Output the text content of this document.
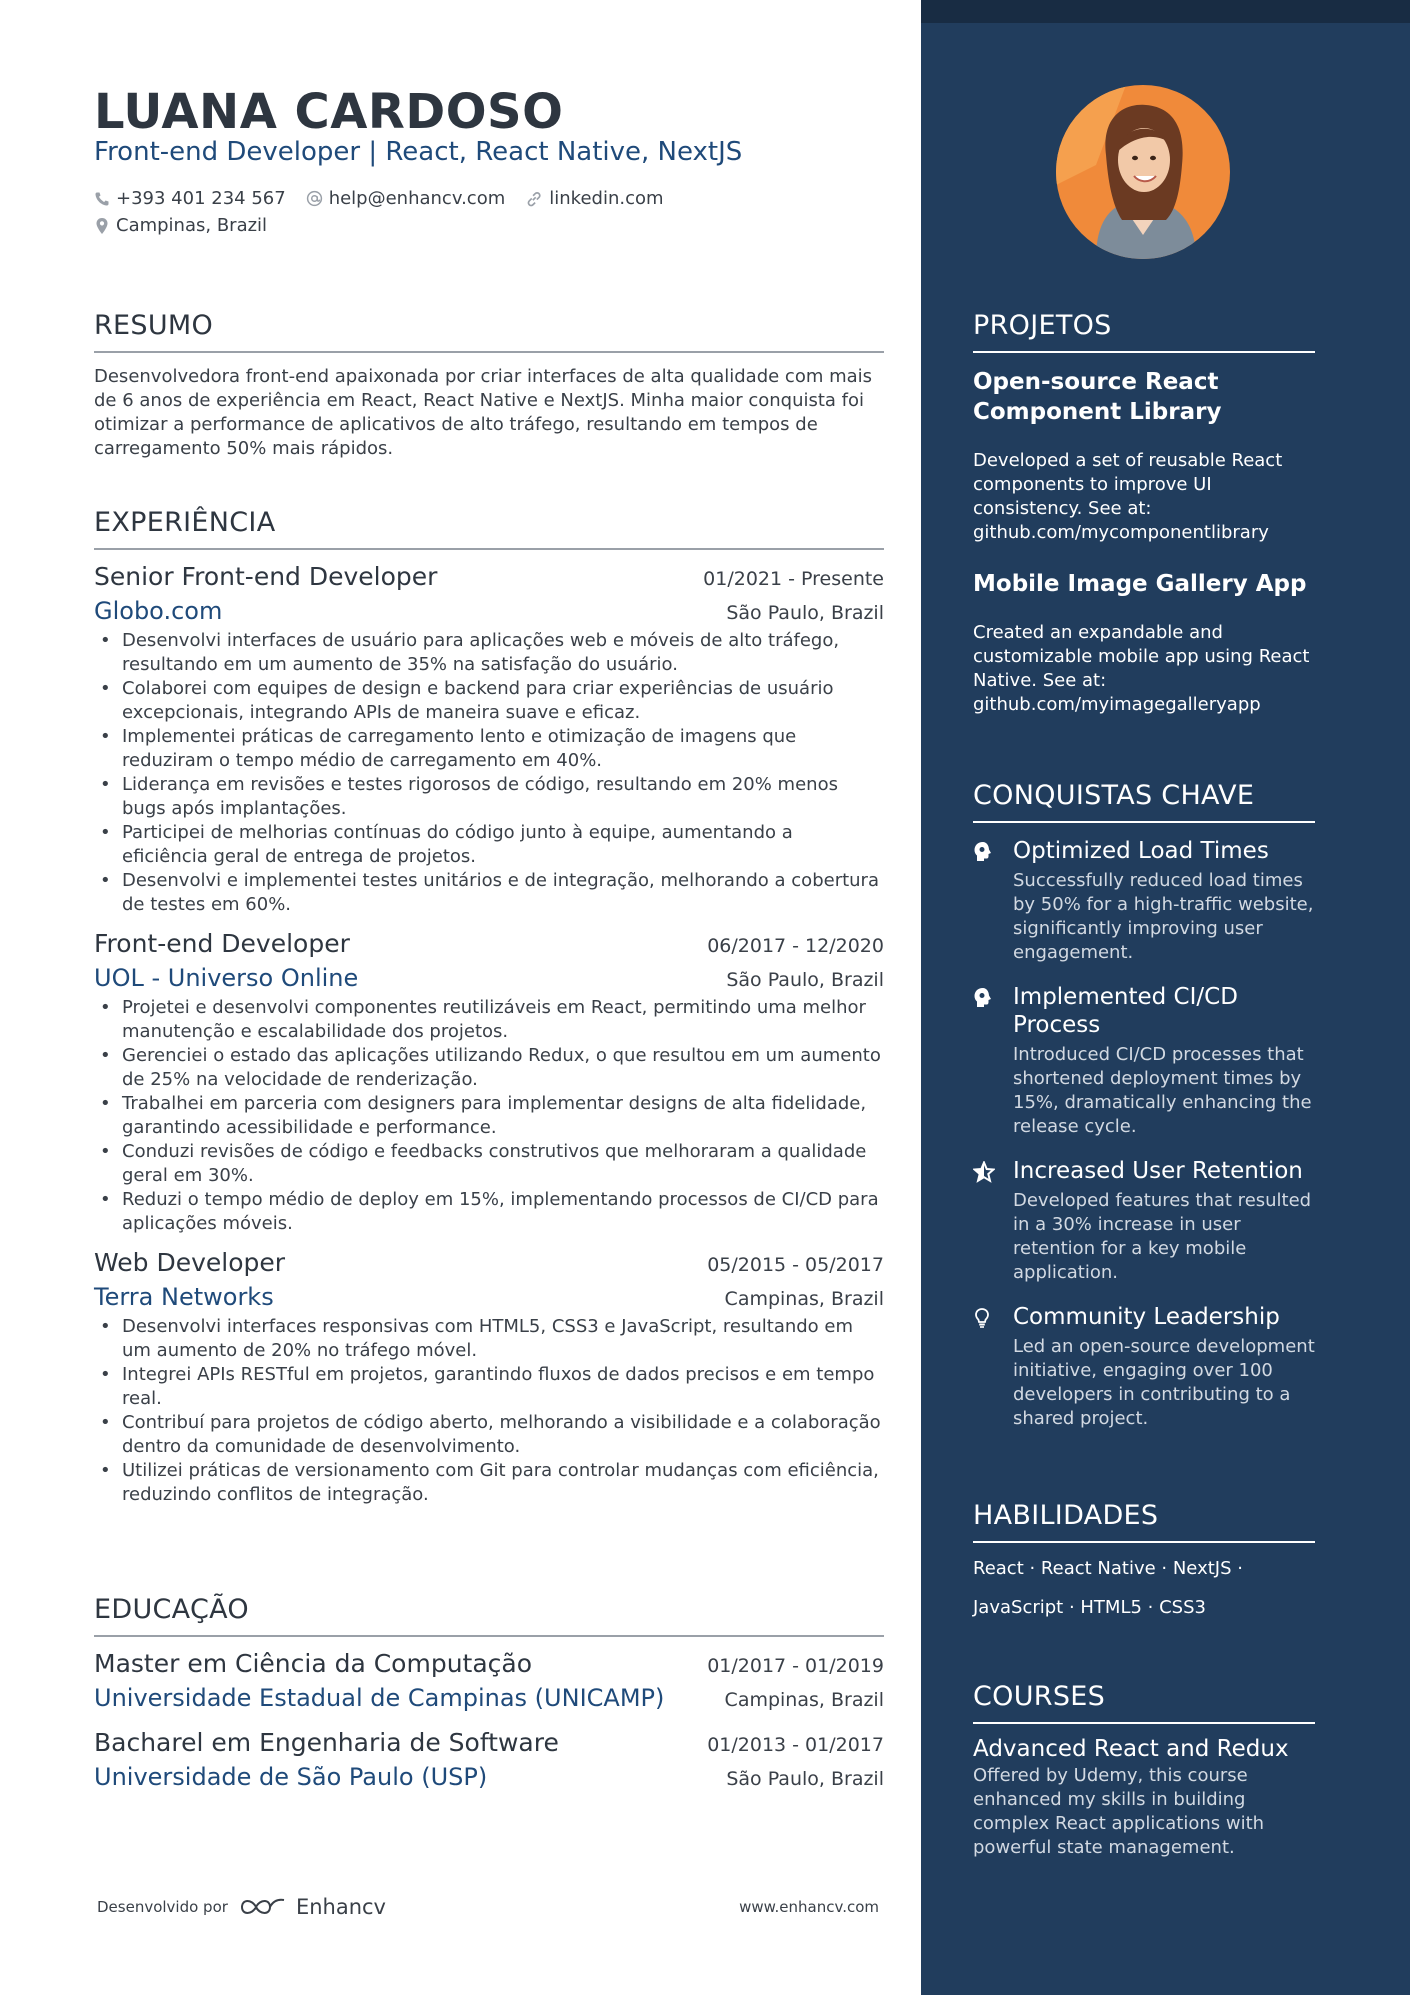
LUANA CARDOSO
Front-end Developer | React, React Native, NextJS
+393 401 234 567 help@enhancv.com linkedin.com
Campinas, Brazil
RESUMO
Desenvolvedora front-end apaixonada por criar interfaces de alta qualidade com mais de 6 anos de experiência em React, React Native e NextJS. Minha maior conquista foi otimizar a performance de aplicativos de alto tráfego, resultando em tempos de carregamento 50% mais rápidos.
EXPERIÊNCIA
Senior Front-end Developer	01/2021 - Presente
Globo.com	São Paulo, Brazil
• Desenvolvi interfaces de usuário para aplicações web e móveis de alto tráfego, resultando em um aumento de 35% na satisfação do usuário.
• Colaborei com equipes de design e backend para criar experiências de usuário excepcionais, integrando APIs de maneira suave e eficaz.
• Implementei práticas de carregamento lento e otimização de imagens que reduziram o tempo médio de carregamento em 40%.
• Liderança em revisões e testes rigorosos de código, resultando em 20% menos bugs após implantações.
• Participei de melhorias contínuas do código junto à equipe, aumentando a eficiência geral de entrega de projetos.
• Desenvolvi e implementei testes unitários e de integração, melhorando a cobertura de testes em 60%.
Front-end Developer	06/2017 - 12/2020
UOL - Universo Online	São Paulo, Brazil
• Projetei e desenvolvi componentes reutilizáveis em React, permitindo uma melhor manutenção e escalabilidade dos projetos.
• Gerenciei o estado das aplicações utilizando Redux, o que resultou em um aumento de 25% na velocidade de renderização.
• Trabalhei em parceria com designers para implementar designs de alta fidelidade, garantindo acessibilidade e performance.
• Conduzi revisões de código e feedbacks construtivos que melhoraram a qualidade geral em 30%.
• Reduzi o tempo médio de deploy em 15%, implementando processos de CI/CD para aplicações móveis.
Web Developer	05/2015 - 05/2017
Terra Networks	Campinas, Brazil
• Desenvolvi interfaces responsivas com HTML5, CSS3 e JavaScript, resultando em um aumento de 20% no tráfego móvel.
• Integrei APIs RESTful em projetos, garantindo fluxos de dados precisos e em tempo real.
• Contribuí para projetos de código aberto, melhorando a visibilidade e a colaboração dentro da comunidade de desenvolvimento.
• Utilizei práticas de versionamento com Git para controlar mudanças com eficiência, reduzindo conflitos de integração.
EDUCAÇÃO
Master em Ciência da Computação	01/2017 - 01/2019
Universidade Estadual de Campinas (UNICAMP)	Campinas, Brazil
Bacharel em Engenharia de Software	01/2013 - 01/2017
Universidade de São Paulo (USP)	São Paulo, Brazil
Desenvolvido por	Enhancv	www.enhancv.com
PROJETOS
Open-source React Component Library
Developed a set of reusable React components to improve UI consistency. See at: github.com/mycomponentlibrary
Mobile Image Gallery App
Created an expandable and customizable mobile app using React Native. See at: github.com/myimagegalleryapp
CONQUISTAS CHAVE
Optimized Load Times
Successfully reduced load times by 50% for a high-traffic website, significantly improving user engagement.
Implemented CI/CD Process
Introduced CI/CD processes that shortened deployment times by 15%, dramatically enhancing the release cycle.
Increased User Retention
Developed features that resulted in a 30% increase in user retention for a key mobile application.
Community Leadership
Led an open-source development initiative, engaging over 100 developers in contributing to a shared project.
HABILIDADES
React · React Native · NextJS ·
JavaScript · HTML5 · CSS3
COURSES
Advanced React and Redux
Offered by Udemy, this course enhanced my skills in building complex React applications with powerful state management.
